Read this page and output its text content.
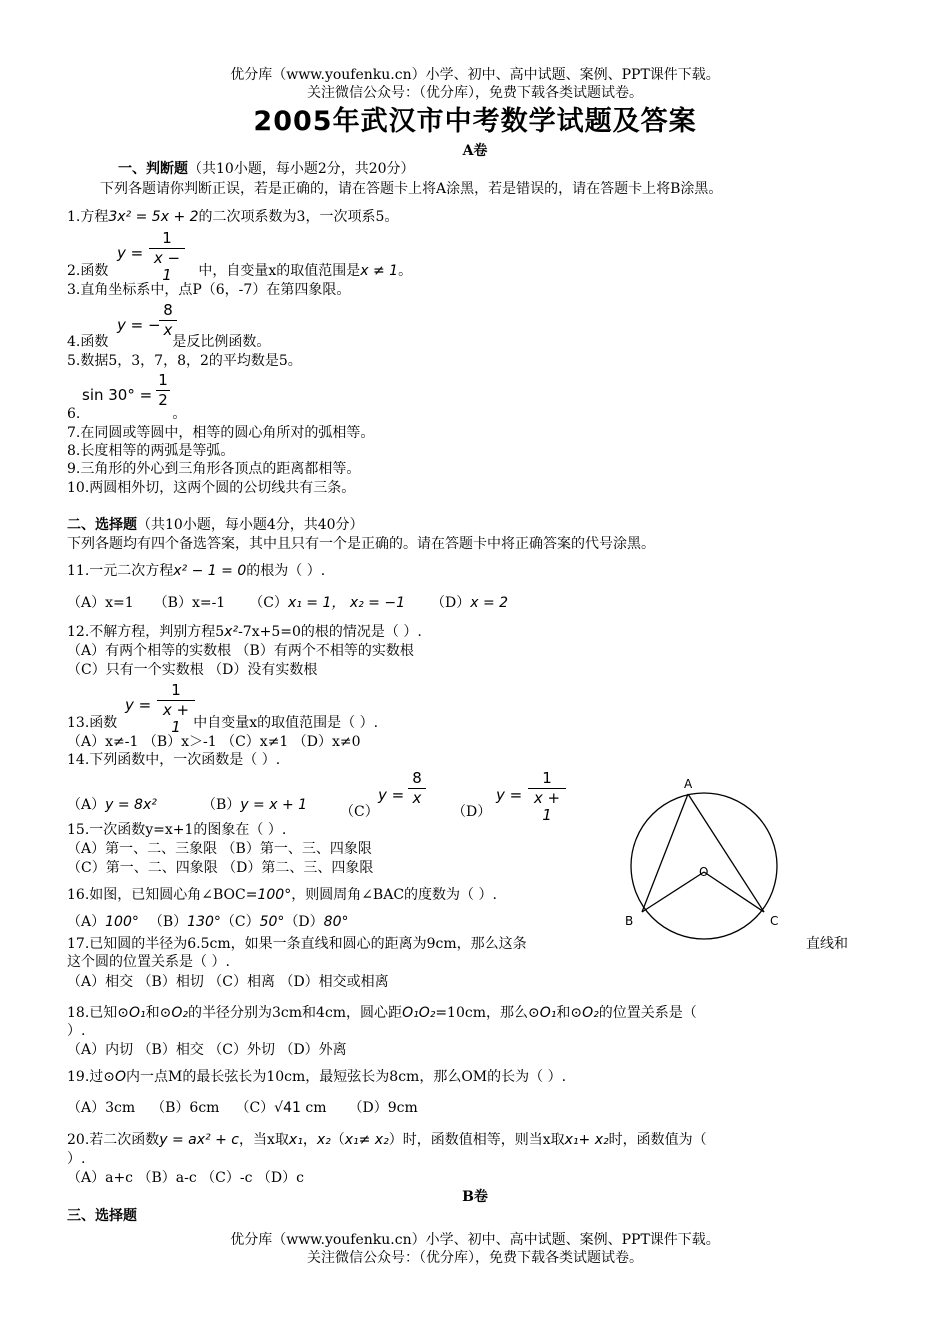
优分库（www.youfenku.cn）小学、初中、高中试题、案例、PPT课件下载。
关注微信公众号：（优分库），免费下载各类试题试卷。
2005年武汉市中考数学试题及答案
A卷
一、判断题（共10小题，每小题2分，共20分）
下列各题请你判断正误，若是正确的，请在答题卡上将A涂黑，若是错误的，请在答题卡上将B涂黑。
1.方程3x² = 5x + 2的二次项系数为3，一次项系5。
y =
1
x − 1
2.函数	中，自变量x的取值范围是x ≠ 1。
3.直角坐标系中，点P（6，-7）在第四象限。
y = −
8
x
4.函数	是反比例函数。
5.数据5，3，7，8，2的平均数是5。
sin 30° =
1
2
6.	。
7.在同圆或等圆中，相等的圆心角所对的弧相等。
8.长度相等的两弧是等弧。
9.三角形的外心到三角形各顶点的距离都相等。
10.两圆相外切，这两个圆的公切线共有三条。
二、选择题（共10小题，每小题4分，共40分）
下列各题均有四个备选答案，其中且只有一个是正确的。请在答题卡中将正确答案的代号涂黑。
11.一元二次方程x² − 1 = 0的根为（ ）.
（A）x=1 （B）x=-1 （C）x₁ = 1， x₂ = −1 （D）x = 2
12.不解方程，判别方程5x²-7x+5=0的根的情况是（ ）.
（A）有两个相等的实数根 （B）有两个不相等的实数根
（C）只有一个实数根 （D）没有实数根
y =
1
x + 1
13.函数	中自变量x的取值范围是（ ）.
（A）x≠-1 （B）x＞-1 （C）x≠1 （D）x≠0
14.下列函数中，一次函数是（ ）.
（A）y = 8x²	（B）y = x + 1 （C）
y =
8
x
（D）
y =
1
x + 1
15.一次函数y=x+1的图象在（ ）.
（A）第一、二、三象限 （B）第一、三、四象限
（C）第一、二、四象限 （D）第二、三、四象限
16.如图，已知圆心角∠BOC=100°，则圆周角∠BAC的度数为（ ）.
（A）100° （B）130°（C）50°（D）80°
17.已知圆的半径为6.5cm，如果一条直线和圆心的距离为9cm，那么这条	直线和
这个圆的位置关系是（ ）.
（A）相交 （B）相切 （C）相离 （D）相交或相离
18.已知⊙O₁和⊙O₂的半径分别为3cm和4cm，圆心距O₁O₂=10cm，那么⊙O₁和⊙O₂的位置关系是（
）.
（A）内切 （B）相交 （C）外切 （D）外离
19.过⊙O内一点M的最长弦长为10cm，最短弦长为8cm，那么OM的长为（ ）.
（A）3cm （B）6cm （C）√41 cm （D）9cm
20.若二次函数y = ax² + c，当x取x₁，x₂（x₁≠ x₂）时，函数值相等，则当x取x₁+ x₂时，函数值为（
）.
（A）a+c （B）a-c （C）-c （D）c
B卷
三、选择题
优分库（www.youfenku.cn）小学、初中、高中试题、案例、PPT课件下载。
关注微信公众号：（优分库），免费下载各类试题试卷。
A
B	C
O
